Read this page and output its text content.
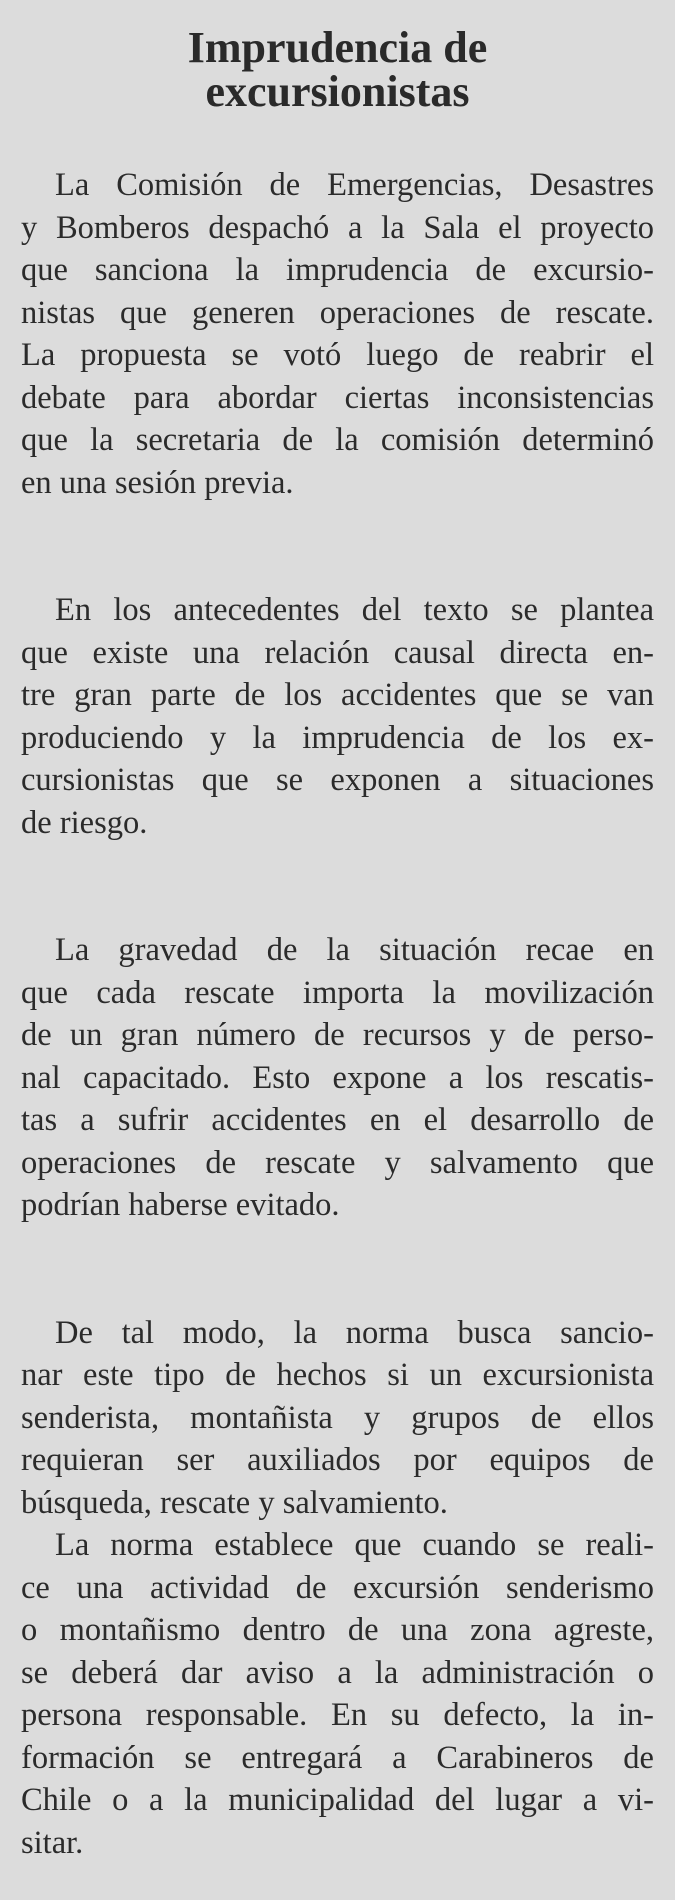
Imprudencia de
excursionistas

La Comisión de Emergencias, Desastres
y Bomberos despachó a la Sala el proyecto
que sanciona la imprudencia de excursio-
nistas que generen operaciones de rescate.
La propuesta se votó luego de reabrir el
debate para abordar ciertas inconsistencias
que la secretaria de la comisión determinó
en una sesión previa.

En los antecedentes del texto se plantea
que existe una relación causal directa en-
tre gran parte de los accidentes que se van
produciendo y la imprudencia de los ex-
cursionistas que se exponen a situaciones
de riesgo.

La gravedad de la situación recae en
que cada rescate importa la movilización
de un gran número de recursos y de perso-
nal capacitado. Esto expone a los rescatis-
tas a sufrir accidentes en el desarrollo de
operaciones de rescate y salvamento que
podrían haberse evitado.

De tal modo, la norma busca sancio-
nar este tipo de hechos si un excursionista
senderista, montañista y grupos de ellos
requieran ser auxiliados por equipos de
búsqueda, rescate y salvamiento.

La norma establece que cuando se reali-
ce una actividad de excursión senderismo
o montañismo dentro de una zona agreste,
se deberá dar aviso a la administración o
persona responsable. En su defecto, la in-
formación se entregará a Carabineros de
Chile o a la municipalidad del lugar a vi-
sitar.
